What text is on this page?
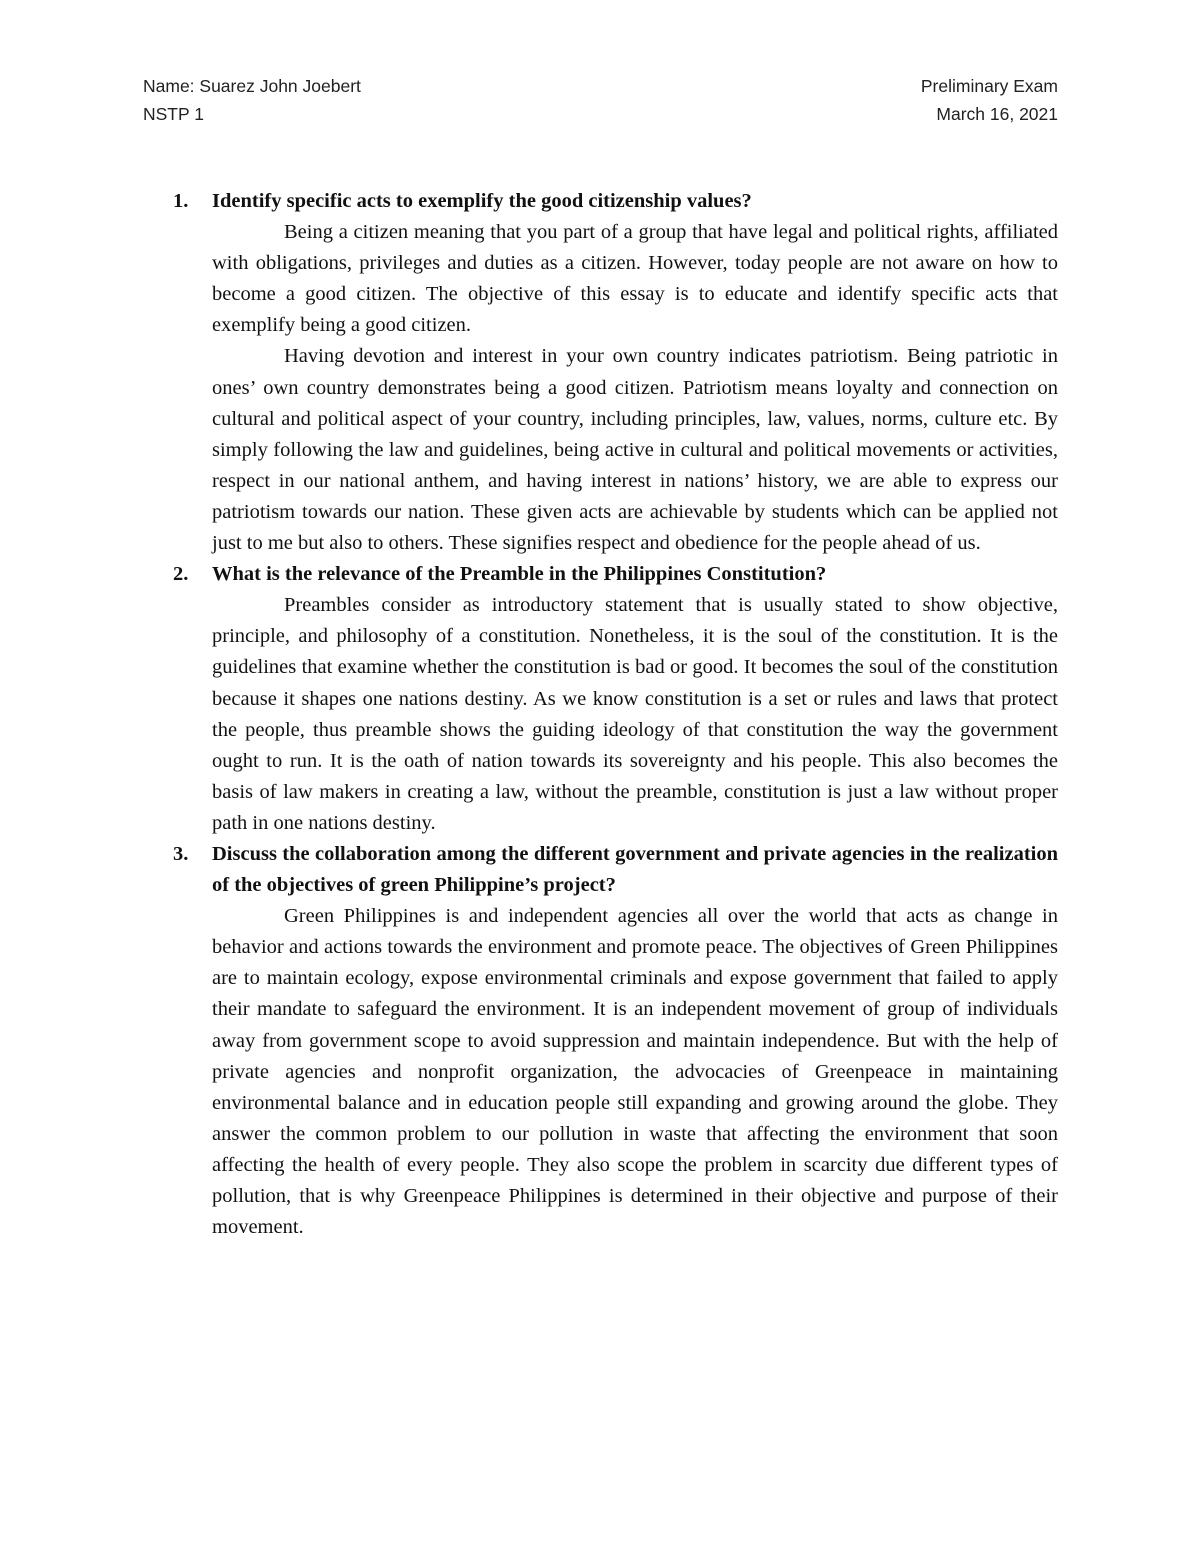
Name: Suarez John Joebert	Preliminary Exam
NSTP 1	March 16, 2021
1. Identify specific acts to exemplify the good citizenship values?

Being a citizen meaning that you part of a group that have legal and political rights, affiliated with obligations, privileges and duties as a citizen. However, today people are not aware on how to become a good citizen. The objective of this essay is to educate and identify specific acts that exemplify being a good citizen.

Having devotion and interest in your own country indicates patriotism. Being patriotic in ones’ own country demonstrates being a good citizen. Patriotism means loyalty and connection on cultural and political aspect of your country, including principles, law, values, norms, culture etc. By simply following the law and guidelines, being active in cultural and political movements or activities, respect in our national anthem, and having interest in nations’ history, we are able to express our patriotism towards our nation. These given acts are achievable by students which can be applied not just to me but also to others. These signifies respect and obedience for the people ahead of us.

2. What is the relevance of the Preamble in the Philippines Constitution?

Preambles consider as introductory statement that is usually stated to show objective, principle, and philosophy of a constitution. Nonetheless, it is the soul of the constitution. It is the guidelines that examine whether the constitution is bad or good. It becomes the soul of the constitution because it shapes one nations destiny. As we know constitution is a set or rules and laws that protect the people, thus preamble shows the guiding ideology of that constitution the way the government ought to run. It is the oath of nation towards its sovereignty and his people. This also becomes the basis of law makers in creating a law, without the preamble, constitution is just a law without proper path in one nations destiny.

3. Discuss the collaboration among the different government and private agencies in the realization of the objectives of green Philippine’s project?

Green Philippines is and independent agencies all over the world that acts as change in behavior and actions towards the environment and promote peace. The objectives of Green Philippines are to maintain ecology, expose environmental criminals and expose government that failed to apply their mandate to safeguard the environment. It is an independent movement of group of individuals away from government scope to avoid suppression and maintain independence. But with the help of private agencies and nonprofit organization, the advocacies of Greenpeace in maintaining environmental balance and in education people still expanding and growing around the globe. They answer the common problem to our pollution in waste that affecting the environment that soon affecting the health of every people. They also scope the problem in scarcity due different types of pollution, that is why Greenpeace Philippines is determined in their objective and purpose of their movement.
